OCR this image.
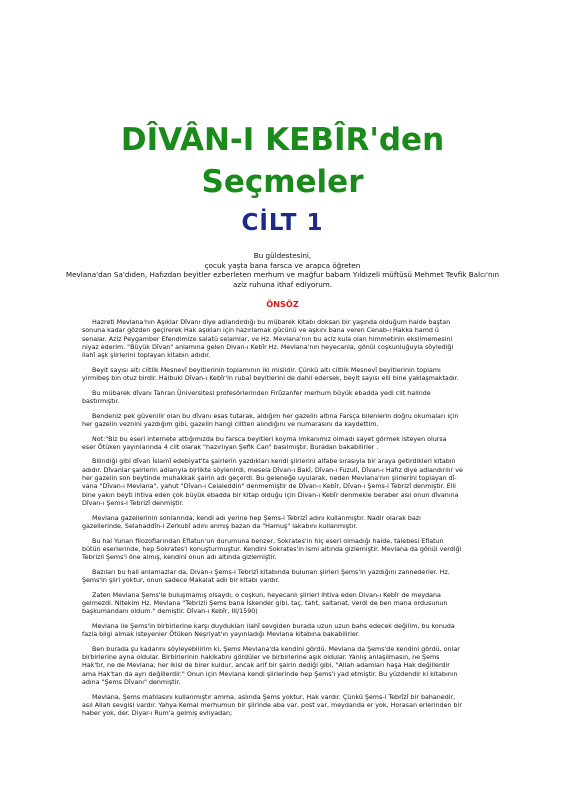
DÎVÂN-I KEBÎR'den
Seçmeler
CİLT 1
Bu güldestesini,
çocuk yaşta bana farsca ve arapca öğreten
Mevlana'dan Sa'dıden, Hafızdan beyitler ezberleten merhum ve mağfur babam Yıldızeli müftüsü Mehmet Tevfik Balcı'nın
aziz ruhuna ithaf ediyorum.
ÖNSÖZ

Hazreti Mevlana'nın Aşıklar Dîvanı diye adlandırdığı bu mübarek kitabı doksan bir yaşında olduğum halde baştan
sonuna kadar gözden geçirerek Hak aşıkları için hazırlamak gücünü ve aşkını bana veren Cenab-ı Hakka hamd ü
senalar. Aziz Peygamber Efendimize salatü selamlar, ve Hz. Mevlana'nın bu aciz kula olan himmetinin eksilmemesini
niyaz ederim. "Büyük Dîvan" anlamına gelen Divan-ı Kebîr Hz. Mevlana'nın heyecanla, gönül coşkunluğuyla söylediği
ilahî aşk şiirlerini toplayan kitabın adıdır.

Beyit sayısı altı ciltlik Mesnevî beyitlerinin toplamının iki mislidir. Çünkü altı ciltlik Mesnevî beyitlerinin toplamı
yirmibeş bin otuz birdir. Halbuki Dîvan-ı Kebîr'in rubaî beyitlerini de dahil edersek, beyit sayısı elli bine yaklaşmaktadır.

Bu mübarek dîvanı Tahran Üniversitesi profesörlerinden Firûzanfer merhum büyük ebadda yedi cilt halinde
bastırmıştır.

Bendeniz pek güvenilir olan bu dîvanı esas tutarak, aldığım her gazelin altına Farsça bilenlerin doğru okumaları için
her gazelin veznini yazdığım gibi, gazelin hangi ciltten alındığını ve numarasını da kaydettim.

Not:"Biz bu eseri internete attığımızda bu farsca beyitleri koyma imkanımız olmadı sayet görmek isteyen olursa
eser Ötüken yayınlarında 4 cilt olarak "hazırlıyan Şefik Can" basılmıştır. Buradan bakabilirler .

Bilindiği gibi dîvan İslamî edebiyat'ta şairlerin yazdıkları kendi şiirlerini alfabe sırasıyla bir araya getirdikleri kitabın
adıdır. Dîvanlar şairlerin adlarıyla birlikte söylenirdi, mesela Dîvan-ı Bakî, Dîvan-ı Fuzulî, Dîvan-ı Hafız diye adlandırılır ve
her gazelin son beytinde muhakkak şairin adı geçerdi. Bu geleneğe uyularak, neden Mevlana'nın şiirlerini toplayan dî-
vana "Dîvan-ı Mevlana", yahut "Dîvan-ı Celaleddin" denmemiştir de Dîvan-ı Kebîr, Dîvan-ı Şems-i Tebrizî denmiştir. Elli
bine yakın beyti ihtiva eden çok büyük ebadda bir kitap olduğu için Divan-ı Kebîr denmekle beraber asıl onun dîvanına
Dîvan-ı Şems-i Tebrizî denmiştir.

Mevlana gazellerinin sonlarında, kendi adı yerine hep Şems-i Tebrizî adını kullanmıştır. Nadir olarak bazı
gazellerinde, Selahaddîn-i Zerkubî adını anmış bazan da "Hamuş" lakabını kullanmıştır.

Bu hal Yunan filozoflarından Eflatun'un durumuna benzer, Sokrates'in hiç eseri olmadığı halde, talebesi Eflatun
bütün eserlerinde, hep Sokrates'i konuşturmuştur. Kendini Sokrates'in ismi altında gizlemiştir. Mevlana da gönül verdiği
Tebrizli Şems'i öne almış, kendini onun adı altında gizlemiştir.

Bazıları bu hali anlamazlar da, Divan-ı Şems-i Tebrizî kitabında bulunan şiirleri Şems'in yazdığını zannederler. Hz.
Şems'in şiiri yoktur, onun sadece Makalat adlı bir kitabı vardır.

Zaten Mevlana Şems'le buluşmamış olsaydı, o coşkun, heyecanlı şiirleri ihtiva eden Divan-ı Kebîr de meydana
gelmezdi. Nitekim Hz. Mevlana "Tebrizli Şems bana İskender gibi, taç, taht, saltanat, verdi de ben mana ordusunun
başkumandanı oldum." demiştir. Dîvan-ı Kebîr, III/1590)

Mevlana ile Şems'in birbirlerine karşı duydukları ilahî sevgiden burada uzun uzun bahs edecek değilim, bu konuda
fazla bilgi almak isteyenler Ötüken Neşriyat'ın yayınladığı Mevlana kitabına bakabilirler.

Ben burada şu kadarını söyleyebilirim ki, Şems Mevlana'da kendini gördü. Mevlana da Şems'de kendini gördü, onlar
birbirlerine ayna oldular. Birbirlerinin hakikatını gördüler ve birbirlerine aşık oldular. Yanlış anlaşılmasın, ne Şems
Hak'tır, ne de Mevlana; her ikisi de birer kuldur, ancak arif bir şairin dediği gibi, "Allah adamları haşa Hak değillerdir
ama Hak'tan da ayrı değillerdir." Onun için Mevlana kendi şiirlerinde hep Şems'i yad etmiştir. Bu yüzdendir ki kitabının
adına "Şems Dîvanı" denmiştir.

Mevlana, Şems mahlasını kullanmıştır amma, aslında Şems yoktur, Hak vardır. Çünkü Şems-i Tebrîzî bir bahanedir,
asıl Allah sevgisi vardır. Yahya Kemal merhumun bir şiirinde aba var, post var, meydanda er yok, Horasan erlerinden bir
haber yok, der. Diyar-ı Rum'a gelmiş evliyadan;
